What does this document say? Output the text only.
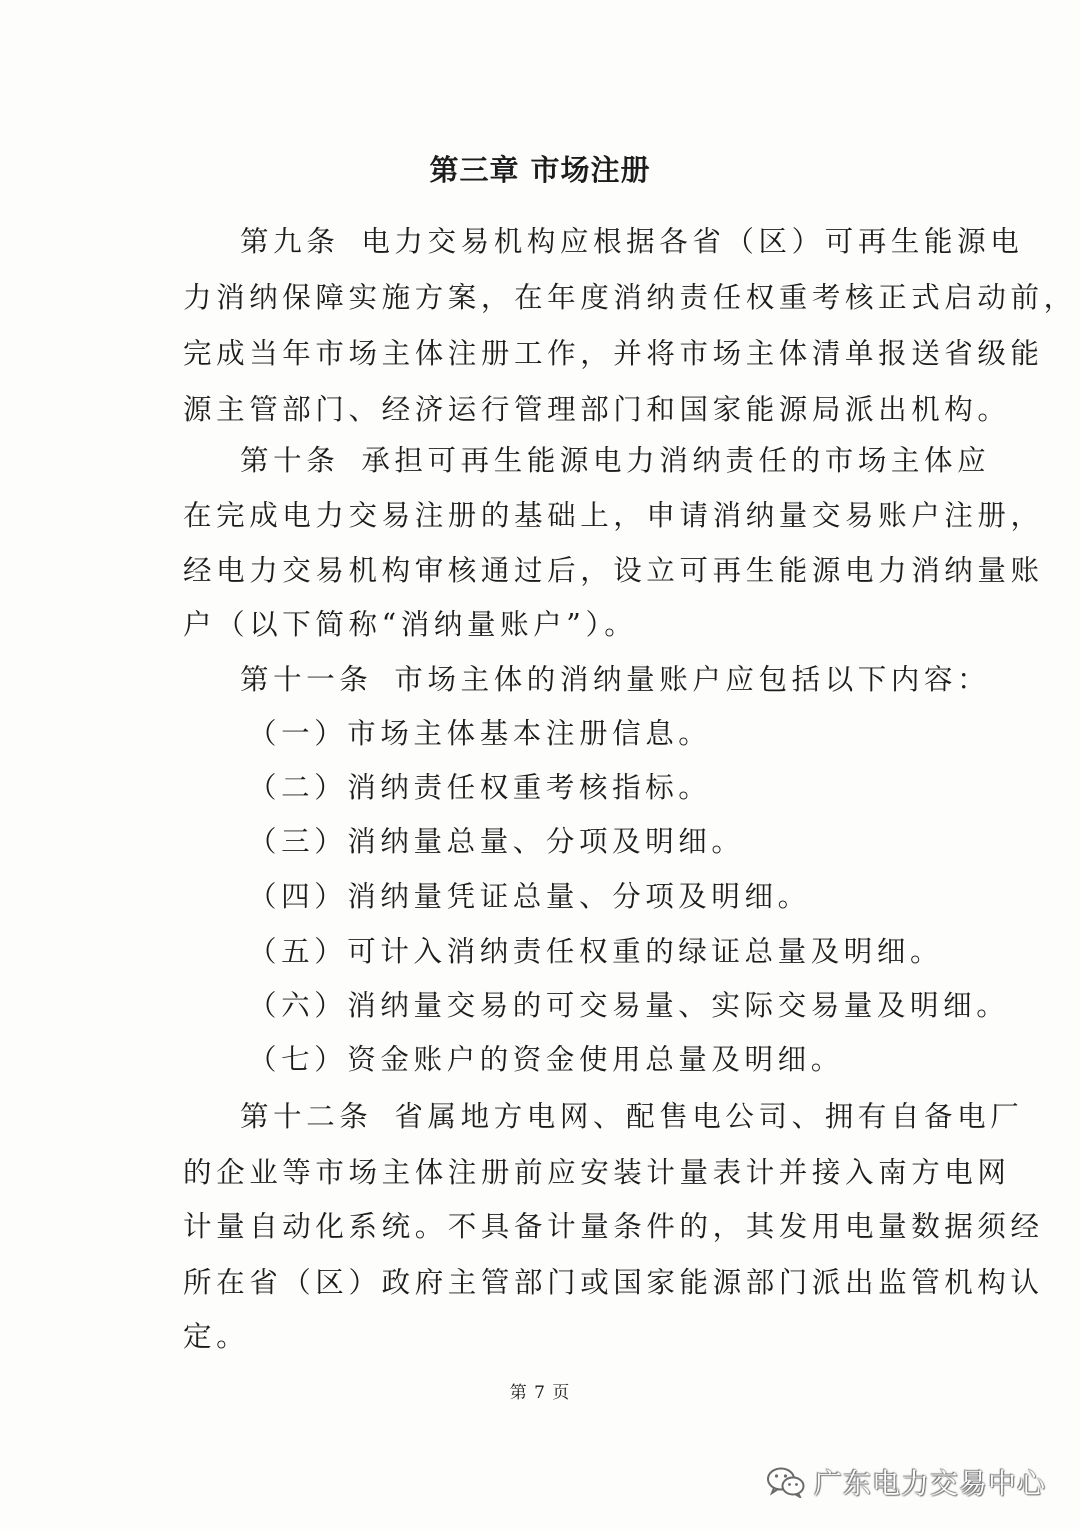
第三章 市场注册
第九条 电力交易机构应根据各省（区）可再生能源电
力消纳保障实施方案，在年度消纳责任权重考核正式启动前，
完成当年市场主体注册工作，并将市场主体清单报送省级能
源主管部门、经济运行管理部门和国家能源局派出机构。
第十条 承担可再生能源电力消纳责任的市场主体应
在完成电力交易注册的基础上，申请消纳量交易账户注册，
经电力交易机构审核通过后，设立可再生能源电力消纳量账
户（以下简称“消纳量账户”）。
第十一条 市场主体的消纳量账户应包括以下内容：
（一）市场主体基本注册信息。
（二）消纳责任权重考核指标。
（三）消纳量总量、分项及明细。
（四）消纳量凭证总量、分项及明细。
（五）可计入消纳责任权重的绿证总量及明细。
（六）消纳量交易的可交易量、实际交易量及明细。
（七）资金账户的资金使用总量及明细。
第十二条 省属地方电网、配售电公司、拥有自备电厂
的企业等市场主体注册前应安装计量表计并接入南方电网
计量自动化系统。不具备计量条件的，其发用电量数据须经
所在省（区）政府主管部门或国家能源部门派出监管机构认
定。
第 7 页
广东电力交易中心
